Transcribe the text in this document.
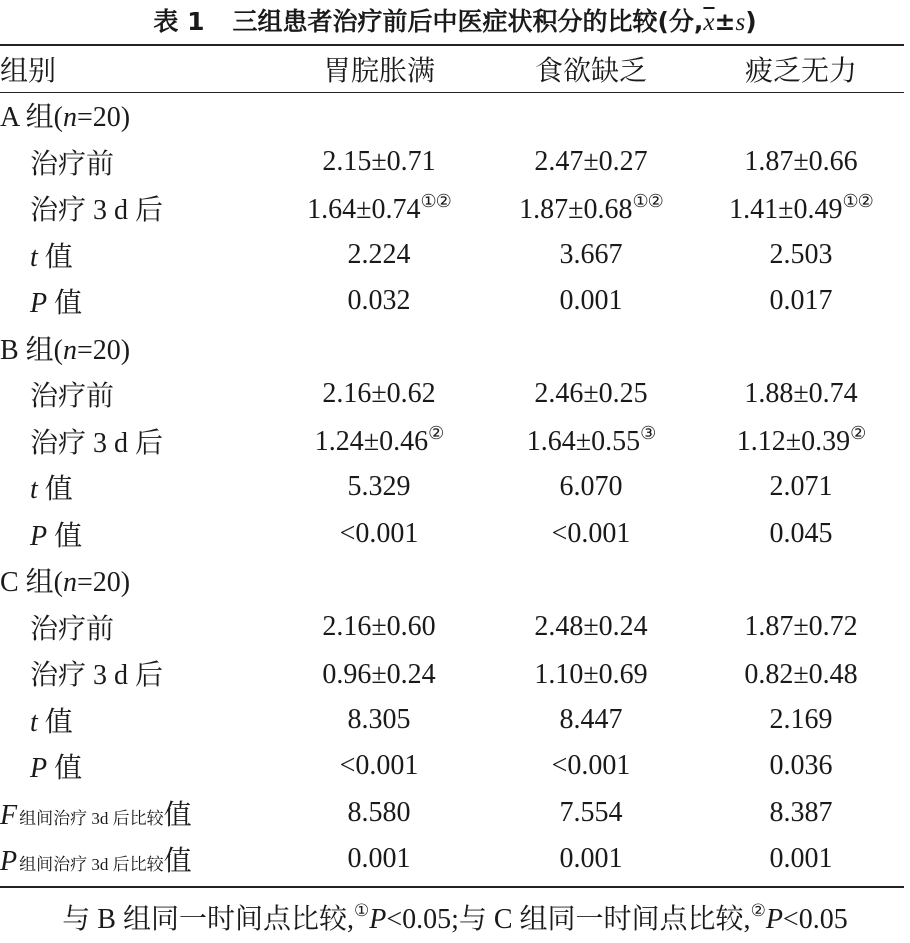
表 1 三组患者治疗前后中医症状积分的比较(分$,\overline{x}\pm s$)
组别	胃脘胀满	食欲缺乏	疲乏无力
A 组(n=20)			
治疗前	2.15±0.71	2.47±0.27	1.87±0.66
治疗 3 d 后	1.64±0.74①②	1.87±0.68①②	1.41±0.49①②
t 值	2.224	3.667	2.503
P 值	0.032	0.001	0.017
B 组(n=20)			
治疗前	2.16±0.62	2.46±0.25	1.88±0.74
治疗 3 d 后	1.24±0.46②	1.64±0.55③	1.12±0.39②
t 值	5.329	6.070	2.071
P 值	<0.001	<0.001	0.045
C 组(n=20)			
治疗前	2.16±0.60	2.48±0.24	1.87±0.72
治疗 3 d 后	0.96±0.24	1.10±0.69	0.82±0.48
t 值	8.305	8.447	2.169
P 值	<0.001	<0.001	0.036
F 组间治疗 3d 后比较值	8.580	7.554	8.387
P 组间治疗 3d 后比较值	0.001	0.001	0.001
与 B 组同一时间点比较,①P<0.05;与 C 组同一时间点比较,②P<0.05
